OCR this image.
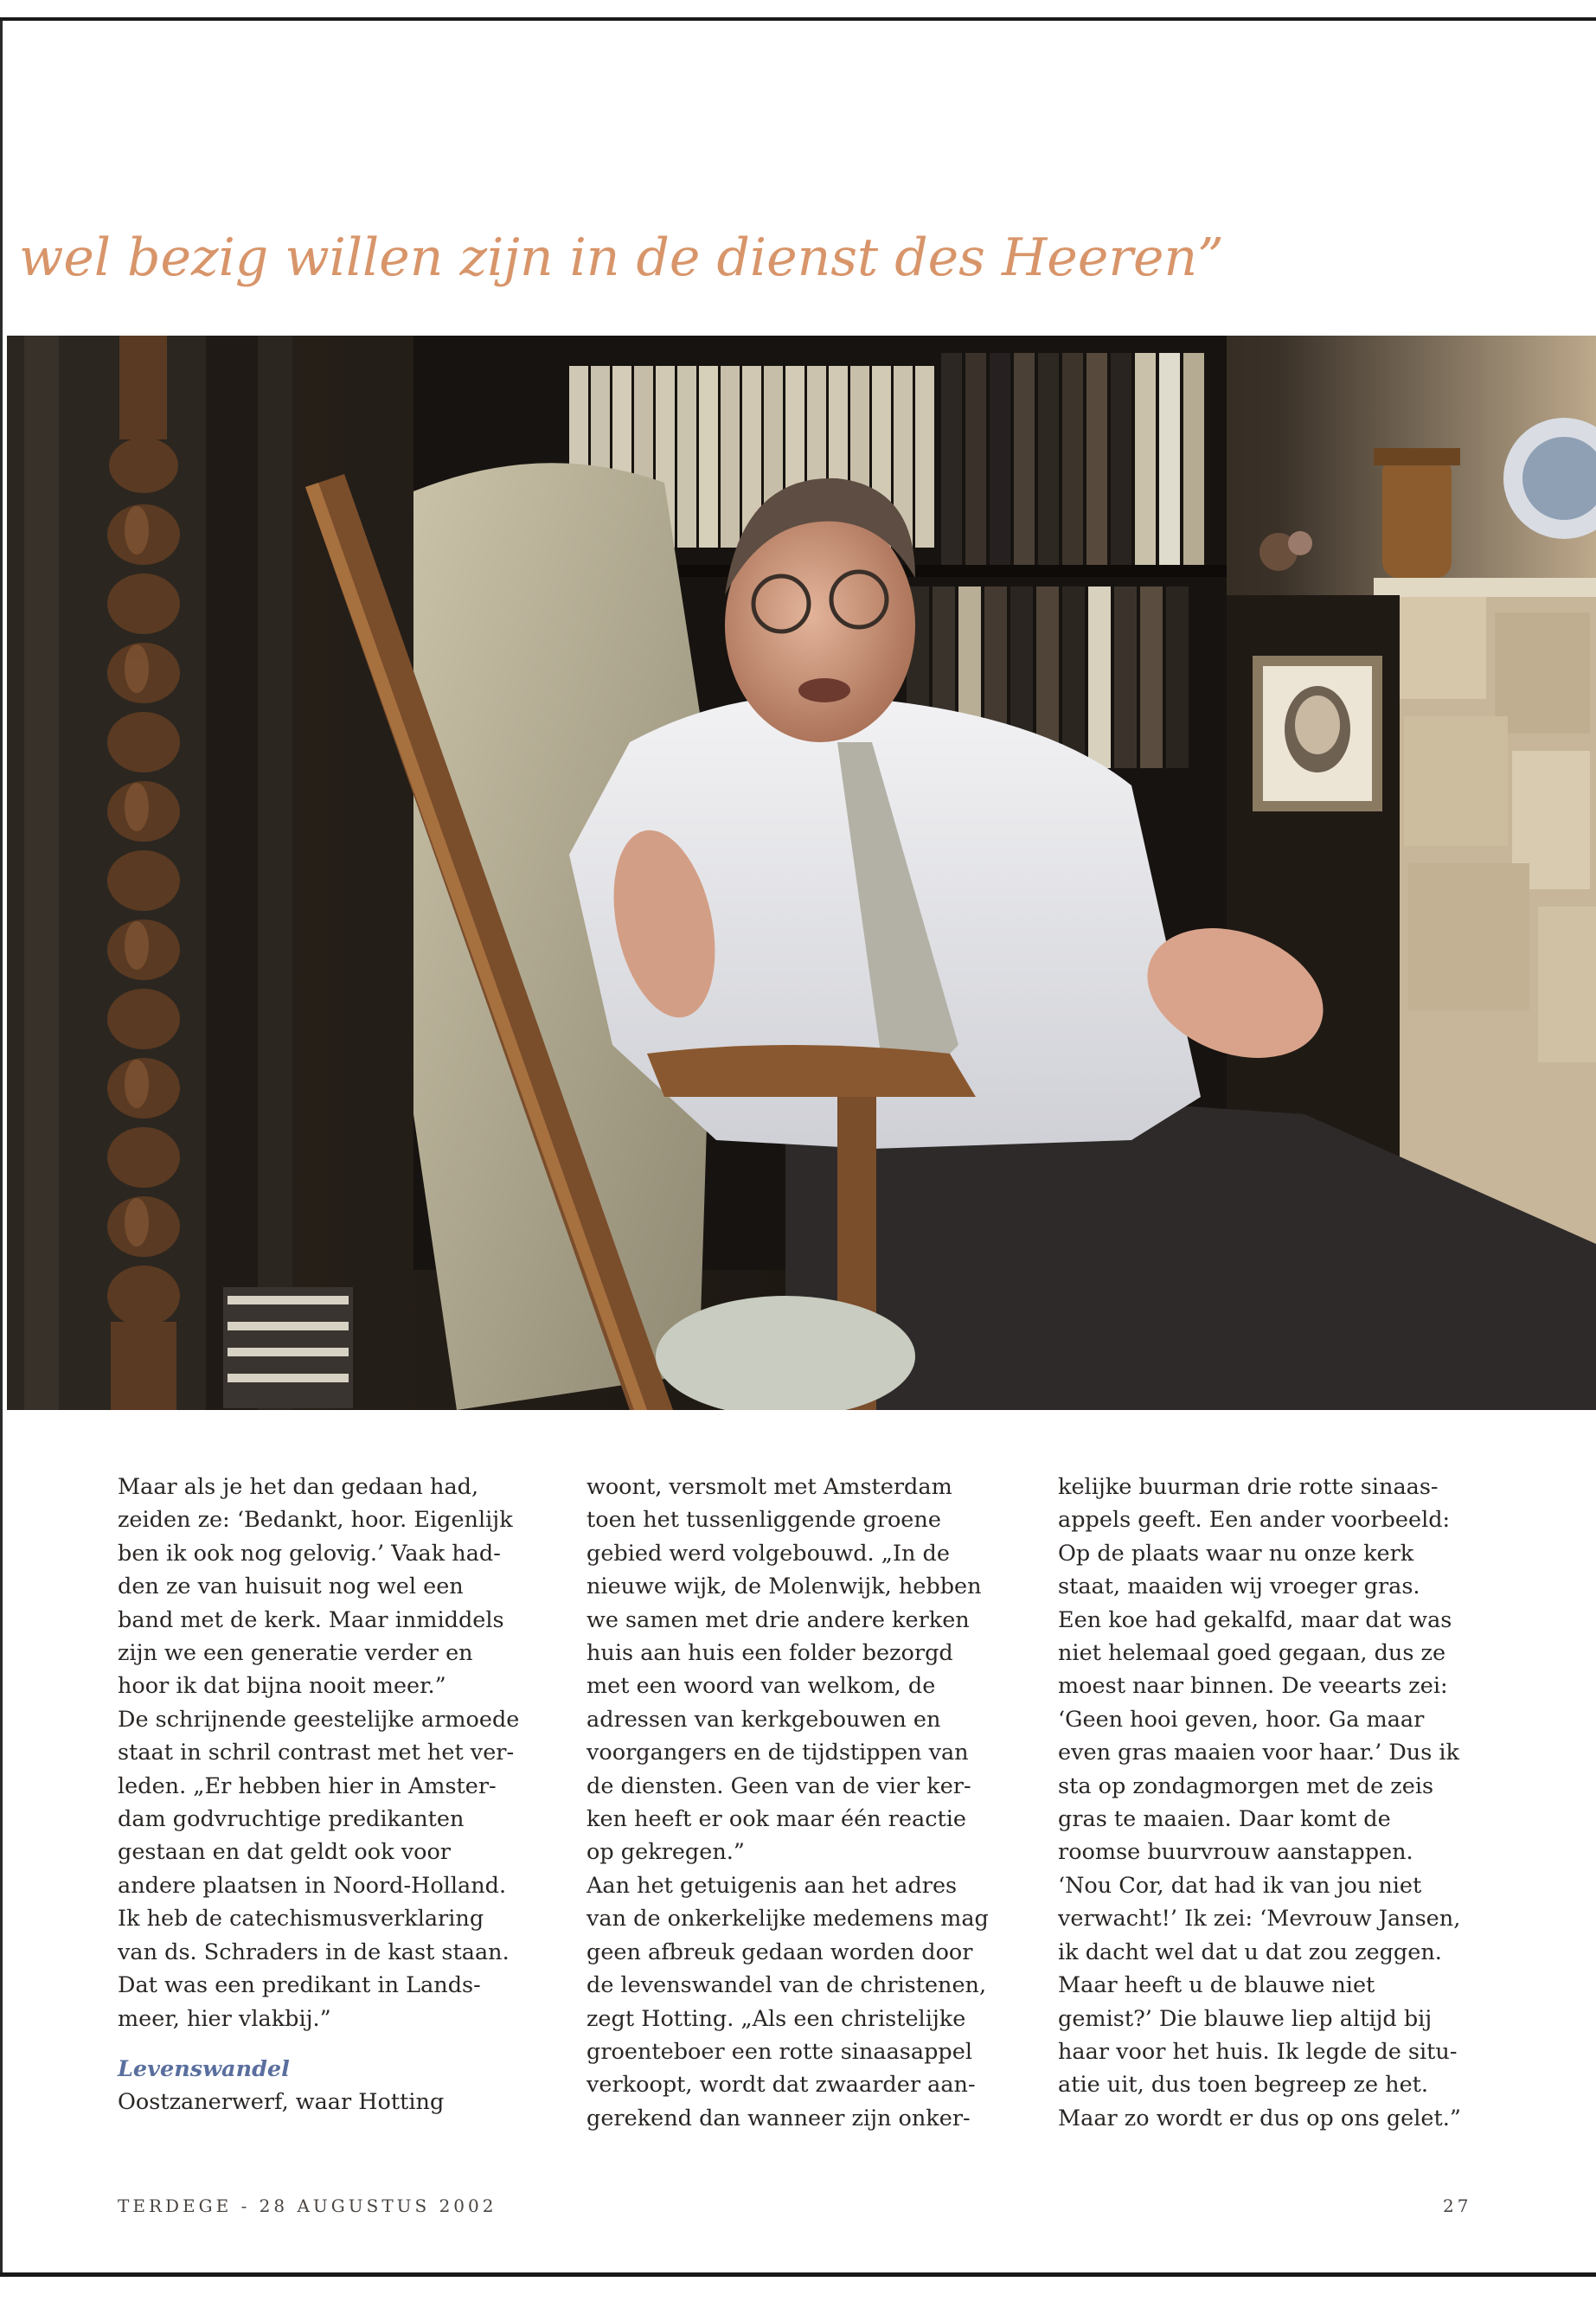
wel bezig willen zijn in de dienst des Heeren”
Maar als je het dan gedaan had,
zeiden ze: ‘Bedankt, hoor. Eigenlijk
ben ik ook nog gelovig.’ Vaak had-
den ze van huisuit nog wel een
band met de kerk. Maar inmiddels
zijn we een generatie verder en
hoor ik dat bijna nooit meer.”
De schrijnende geestelijke armoede
staat in schril contrast met het ver-
leden. „Er hebben hier in Amster-
dam godvruchtige predikanten
gestaan en dat geldt ook voor
andere plaatsen in Noord-Holland.
Ik heb de catechismusverklaring
van ds. Schraders in de kast staan.
Dat was een predikant in Lands-
meer, hier vlakbij.”
Levenswandel
Oostzanerwerf, waar Hotting
woont, versmolt met Amsterdam
toen het tussenliggende groene
gebied werd volgebouwd. „In de
nieuwe wijk, de Molenwijk, hebben
we samen met drie andere kerken
huis aan huis een folder bezorgd
met een woord van welkom, de
adressen van kerkgebouwen en
voorgangers en de tijdstippen van
de diensten. Geen van de vier ker-
ken heeft er ook maar één reactie
op gekregen.”
Aan het getuigenis aan het adres
van de onkerkelijke medemens mag
geen afbreuk gedaan worden door
de levenswandel van de christenen,
zegt Hotting. „Als een christelijke
groenteboer een rotte sinaasappel
verkoopt, wordt dat zwaarder aan-
gerekend dan wanneer zijn onker-
kelijke buurman drie rotte sinaas-
appels geeft. Een ander voorbeeld:
Op de plaats waar nu onze kerk
staat, maaiden wij vroeger gras.
Een koe had gekalfd, maar dat was
niet helemaal goed gegaan, dus ze
moest naar binnen. De veearts zei:
‘Geen hooi geven, hoor. Ga maar
even gras maaien voor haar.’ Dus ik
sta op zondagmorgen met de zeis
gras te maaien. Daar komt de
roomse buurvrouw aanstappen.
‘Nou Cor, dat had ik van jou niet
verwacht!’ Ik zei: ‘Mevrouw Jansen,
ik dacht wel dat u dat zou zeggen.
Maar heeft u de blauwe niet
gemist?’ Die blauwe liep altijd bij
haar voor het huis. Ik legde de situ-
atie uit, dus toen begreep ze het.
Maar zo wordt er dus op ons gelet.”
TERDEGE - 28 AUGUSTUS 2002	27
